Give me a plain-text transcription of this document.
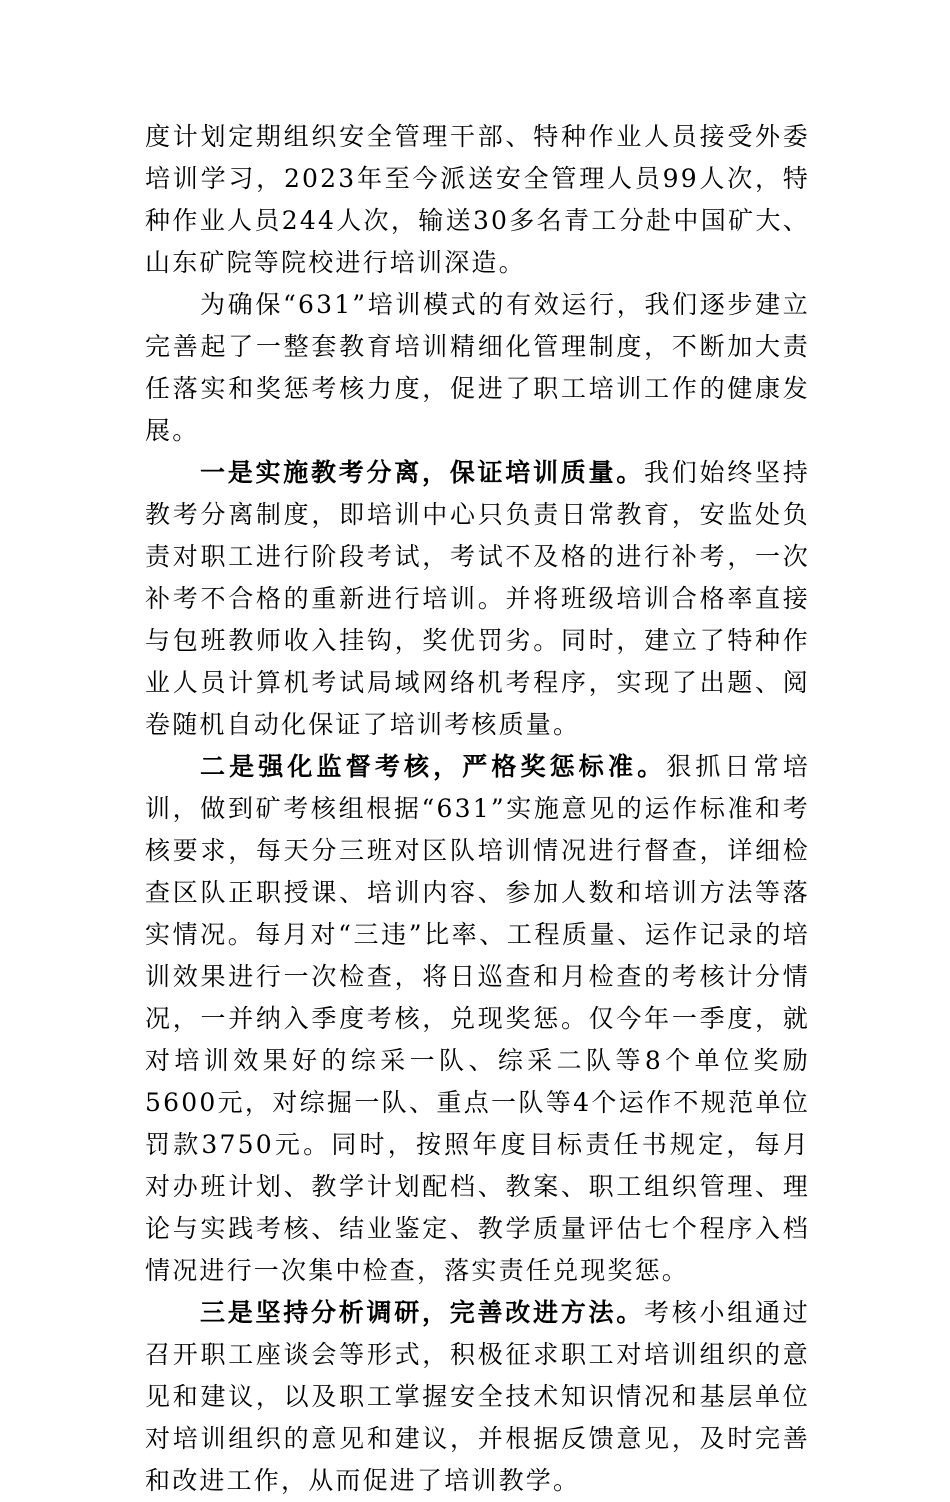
度计划定期组织安全管理干部、特种作业人员接受外委培训学习，2023年至今派送安全管理人员99人次，特种作业人员244人次，输送30多名青工分赴中国矿大、山东矿院等院校进行培训深造。

为确保“631”培训模式的有效运行，我们逐步建立完善起了一整套教育培训精细化管理制度，不断加大责任落实和奖惩考核力度，促进了职工培训工作的健康发展。

一是实施教考分离，保证培训质量。我们始终坚持教考分离制度，即培训中心只负责日常教育，安监处负责对职工进行阶段考试，考试不及格的进行补考，一次补考不合格的重新进行培训。并将班级培训合格率直接与包班教师收入挂钩，奖优罚劣。同时，建立了特种作业人员计算机考试局域网络机考程序，实现了出题、阅卷随机自动化保证了培训考核质量。

二是强化监督考核，严格奖惩标准。狠抓日常培训，做到矿考核组根据“631”实施意见的运作标准和考核要求，每天分三班对区队培训情况进行督查，详细检查区队正职授课、培训内容、参加人数和培训方法等落实情况。每月对“三违”比率、工程质量、运作记录的培训效果进行一次检查，将日巡查和月检查的考核计分情况，一并纳入季度考核，兑现奖惩。仅今年一季度，就对培训效果好的综采一队、综采二队等8个单位奖励5600元，对综掘一队、重点一队等4个运作不规范单位罚款3750元。同时，按照年度目标责任书规定，每月对办班计划、教学计划配档、教案、职工组织管理、理论与实践考核、结业鉴定、教学质量评估七个程序入档情况进行一次集中检查，落实责任兑现奖惩。

三是坚持分析调研，完善改进方法。考核小组通过召开职工座谈会等形式，积极征求职工对培训组织的意见和建议，以及职工掌握安全技术知识情况和基层单位对培训组织的意见和建议，并根据反馈意见，及时完善和改进工作，从而促进了培训教学。
